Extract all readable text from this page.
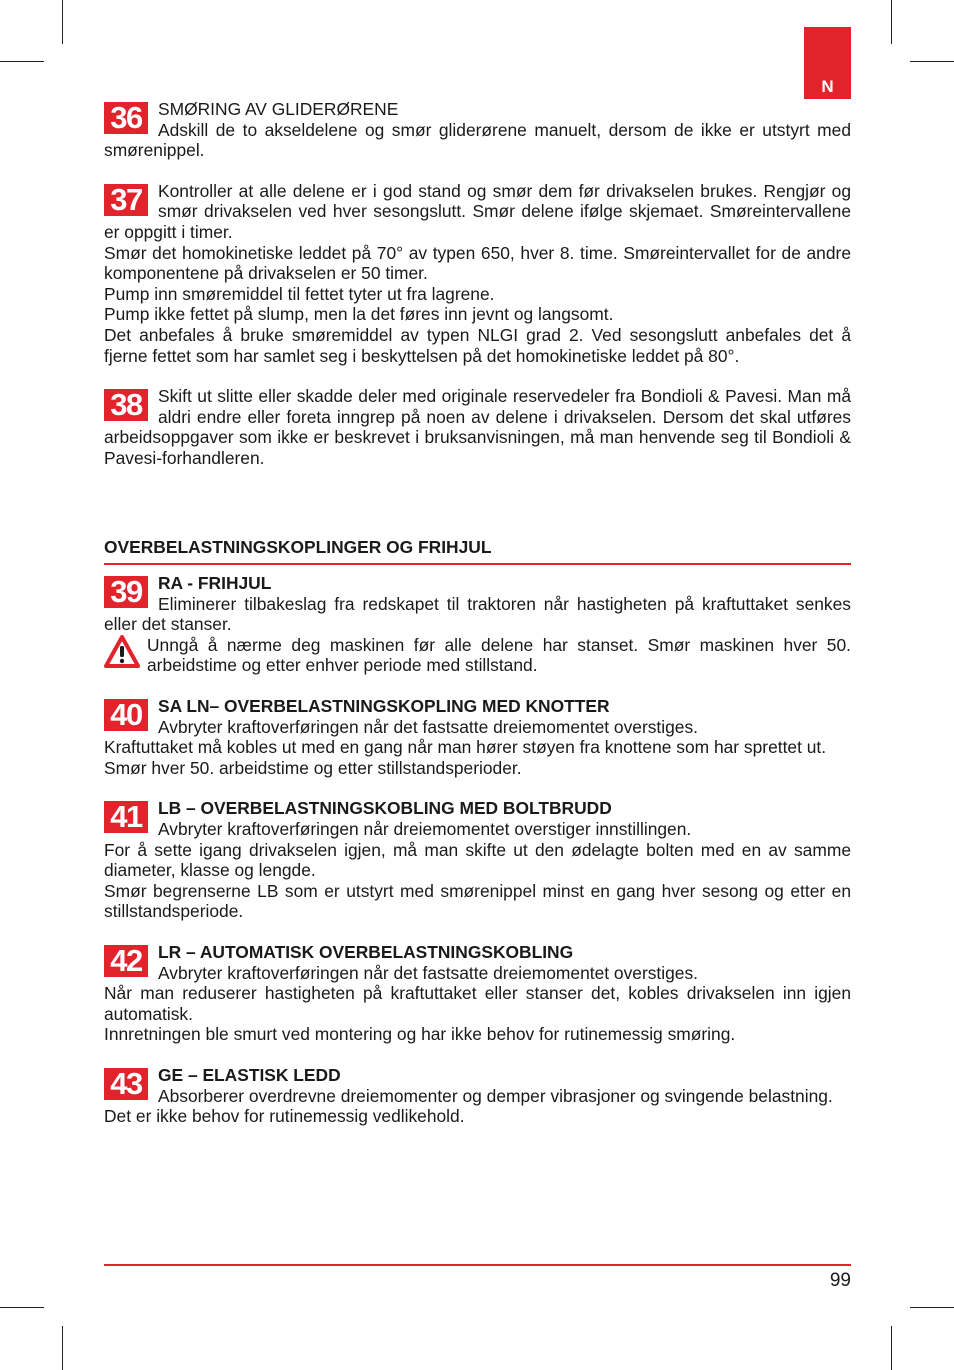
N
36 SMØRING AV GLIDERØRENE

Adskill de to akseldelene og smør gliderørene manuelt, dersom de ikke er utstyrt med smørenippel.

37 Kontroller at alle delene er i god stand og smør dem før drivakselen brukes. Rengjør og smør drivakselen ved hver sesongslutt. Smør delene ifølge skjemaet. Smøreintervallene er oppgitt i timer.

Smør det homokinetiske leddet på 70° av typen 650, hver 8. time. Smøreintervallet for de andre komponentene på drivakselen er 50 timer.

Pump inn smøremiddel til fettet tyter ut fra lagrene.

Pump ikke fettet på slump, men la det føres inn jevnt og langsomt.

Det anbefales å bruke smøremiddel av typen NLGI grad 2. Ved sesongslutt anbefales det å fjerne fettet som har samlet seg i beskyttelsen på det homokinetiske leddet på 80°.

38 Skift ut slitte eller skadde deler med originale reservedeler fra Bondioli & Pavesi. Man må aldri endre eller foreta inngrep på noen av delene i drivakselen. Dersom det skal utføres arbeidsoppgaver som ikke er beskrevet i bruksanvisningen, må man henvende seg til Bondioli & Pavesi-forhandleren.

OVERBELASTNINGSKOPLINGER OG FRIHJUL
39 RA - FRIHJUL

Eliminerer tilbakeslag fra redskapet til traktoren når hastigheten på kraftuttaket senkes eller det stanser.

Unngå å nærme deg maskinen før alle delene har stanset. Smør maskinen hver 50. arbeidstime og etter enhver periode med stillstand.

40 SA LN– OVERBELASTNINGSKOPLING MED KNOTTER

Avbryter kraftoverføringen når det fastsatte dreiemomentet overstiges.

Kraftuttaket må kobles ut med en gang når man hører støyen fra knottene som har sprettet ut.

Smør hver 50. arbeidstime og etter stillstandsperioder.

41 LB – OVERBELASTNINGSKOBLING MED BOLTBRUDD

Avbryter kraftoverføringen når dreiemomentet overstiger innstillingen.

For å sette igang drivakselen igjen, må man skifte ut den ødelagte bolten med en av samme diameter, klasse og lengde.

Smør begrenserne LB som er utstyrt med smørenippel minst en gang hver sesong og etter en stillstandsperiode.

42 LR – AUTOMATISK OVERBELASTNINGSKOBLING

Avbryter kraftoverføringen når det fastsatte dreiemomentet overstiges.

Når man reduserer hastigheten på kraftuttaket eller stanser det, kobles drivakselen inn igjen automatisk.

Innretningen ble smurt ved montering og har ikke behov for rutinemessig smøring.

43 GE – ELASTISK LEDD

Absorberer overdrevne dreiemomenter og demper vibrasjoner og svingende belastning.

Det er ikke behov for rutinemessig vedlikehold.

99
